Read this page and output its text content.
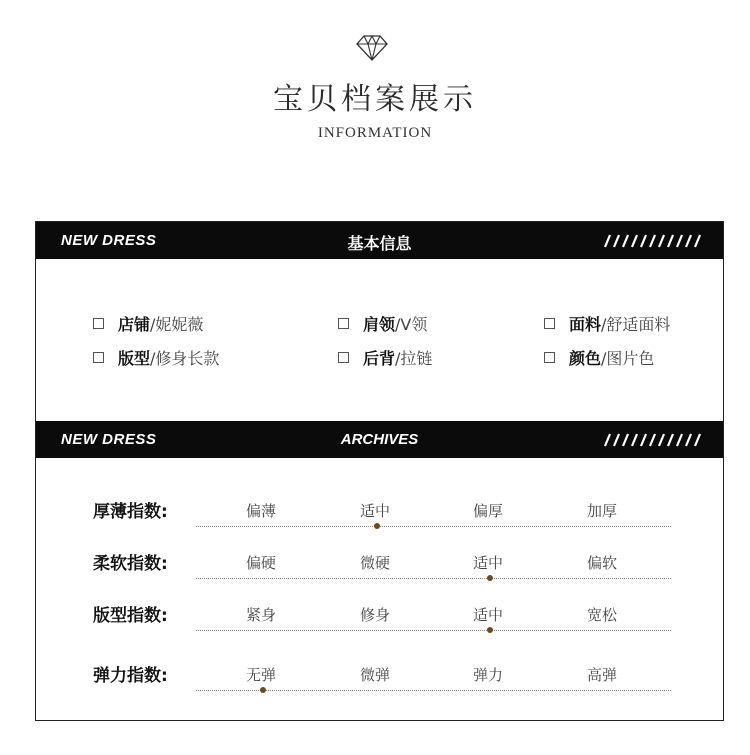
宝贝档案展示
INFORMATION
NEW DRESS	基本信息
店铺/妮妮薇	肩领/V领	面料/舒适面料
版型/修身长款	后背/拉链	颜色/图片色
NEW DRESS	ARCHIVES
厚薄指数:	偏薄	适中	偏厚	加厚
柔软指数:	偏硬	微硬	适中	偏软
版型指数:	紧身	修身	适中	宽松
弹力指数:	无弹	微弹	弹力	高弹
